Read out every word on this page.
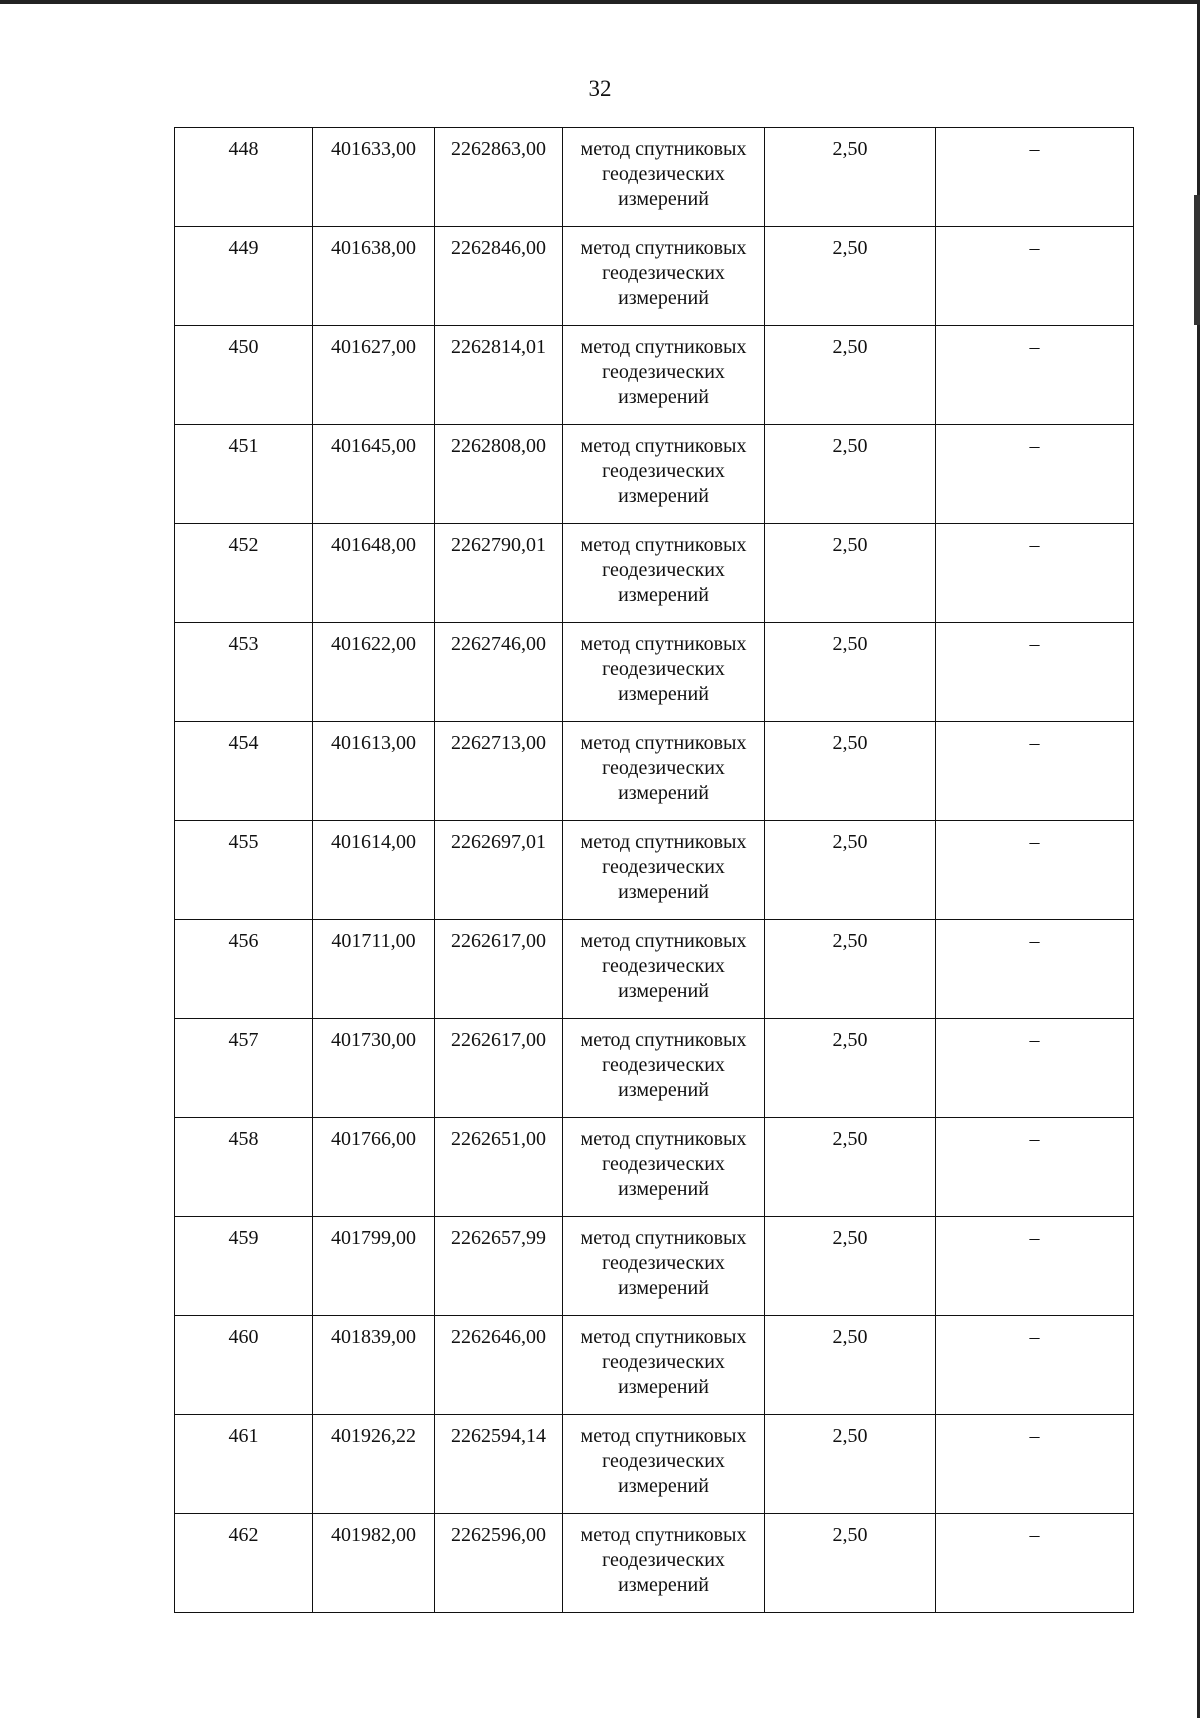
32
448	401633,00	2262863,00	метод спутниковых геодезических измерений	2,50	–
449	401638,00	2262846,00	метод спутниковых геодезических измерений	2,50	–
450	401627,00	2262814,01	метод спутниковых геодезических измерений	2,50	–
451	401645,00	2262808,00	метод спутниковых геодезических измерений	2,50	–
452	401648,00	2262790,01	метод спутниковых геодезических измерений	2,50	–
453	401622,00	2262746,00	метод спутниковых геодезических измерений	2,50	–
454	401613,00	2262713,00	метод спутниковых геодезических измерений	2,50	–
455	401614,00	2262697,01	метод спутниковых геодезических измерений	2,50	–
456	401711,00	2262617,00	метод спутниковых геодезических измерений	2,50	–
457	401730,00	2262617,00	метод спутниковых геодезических измерений	2,50	–
458	401766,00	2262651,00	метод спутниковых геодезических измерений	2,50	–
459	401799,00	2262657,99	метод спутниковых геодезических измерений	2,50	–
460	401839,00	2262646,00	метод спутниковых геодезических измерений	2,50	–
461	401926,22	2262594,14	метод спутниковых геодезических измерений	2,50	–
462	401982,00	2262596,00	метод спутниковых геодезических измерений	2,50	–
